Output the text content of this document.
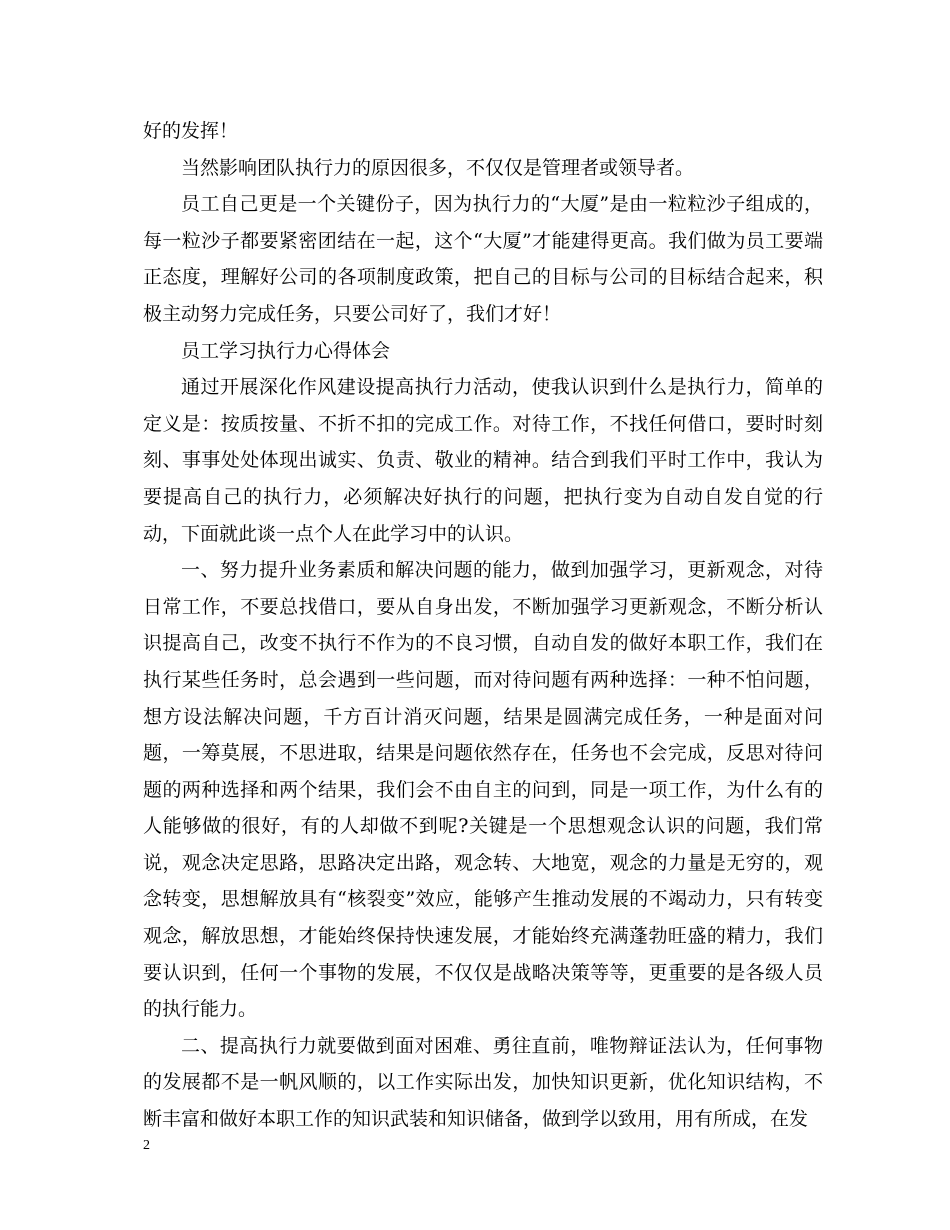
好的发挥！

当然影响团队执行力的原因很多，不仅仅是管理者或领导者。

员工自己更是一个关键份子，因为执行力的“大厦”是由一粒粒沙子组成的，每一粒沙子都要紧密团结在一起，这个“大厦”才能建得更高。我们做为员工要端正态度，理解好公司的各项制度政策，把自己的目标与公司的目标结合起来，积极主动努力完成任务，只要公司好了，我们才好！

员工学习执行力心得体会

通过开展深化作风建设提高执行力活动，使我认识到什么是执行力，简单的定义是：按质按量、不折不扣的完成工作。对待工作，不找任何借口，要时时刻刻、事事处处体现出诚实、负责、敬业的精神。结合到我们平时工作中，我认为要提高自己的执行力，必须解决好执行的问题，把执行变为自动自发自觉的行动，下面就此谈一点个人在此学习中的认识。

一、努力提升业务素质和解决问题的能力，做到加强学习，更新观念，对待日常工作，不要总找借口，要从自身出发，不断加强学习更新观念，不断分析认识提高自己，改变不执行不作为的不良习惯，自动自发的做好本职工作，我们在执行某些任务时，总会遇到一些问题，而对待问题有两种选择：一种不怕问题，想方设法解决问题，千方百计消灭问题，结果是圆满完成任务，一种是面对问题，一筹莫展，不思进取，结果是问题依然存在，任务也不会完成，反思对待问题的两种选择和两个结果，我们会不由自主的问到，同是一项工作，为什么有的人能够做的很好，有的人却做不到呢?关键是一个思想观念认识的问题，我们常说，观念决定思路，思路决定出路，观念转、大地宽，观念的力量是无穷的，观念转变，思想解放具有“核裂变”效应，能够产生推动发展的不竭动力，只有转变观念，解放思想，才能始终保持快速发展，才能始终充满蓬勃旺盛的精力，我们要认识到，任何一个事物的发展，不仅仅是战略决策等等，更重要的是各级人员的执行能力。

二、提高执行力就要做到面对困难、勇往直前，唯物辩证法认为，任何事物的发展都不是一帆风顺的，以工作实际出发，加快知识更新，优化知识结构，不断丰富和做好本职工作的知识武装和知识储备，做到学以致用，用有所成，在发

2
